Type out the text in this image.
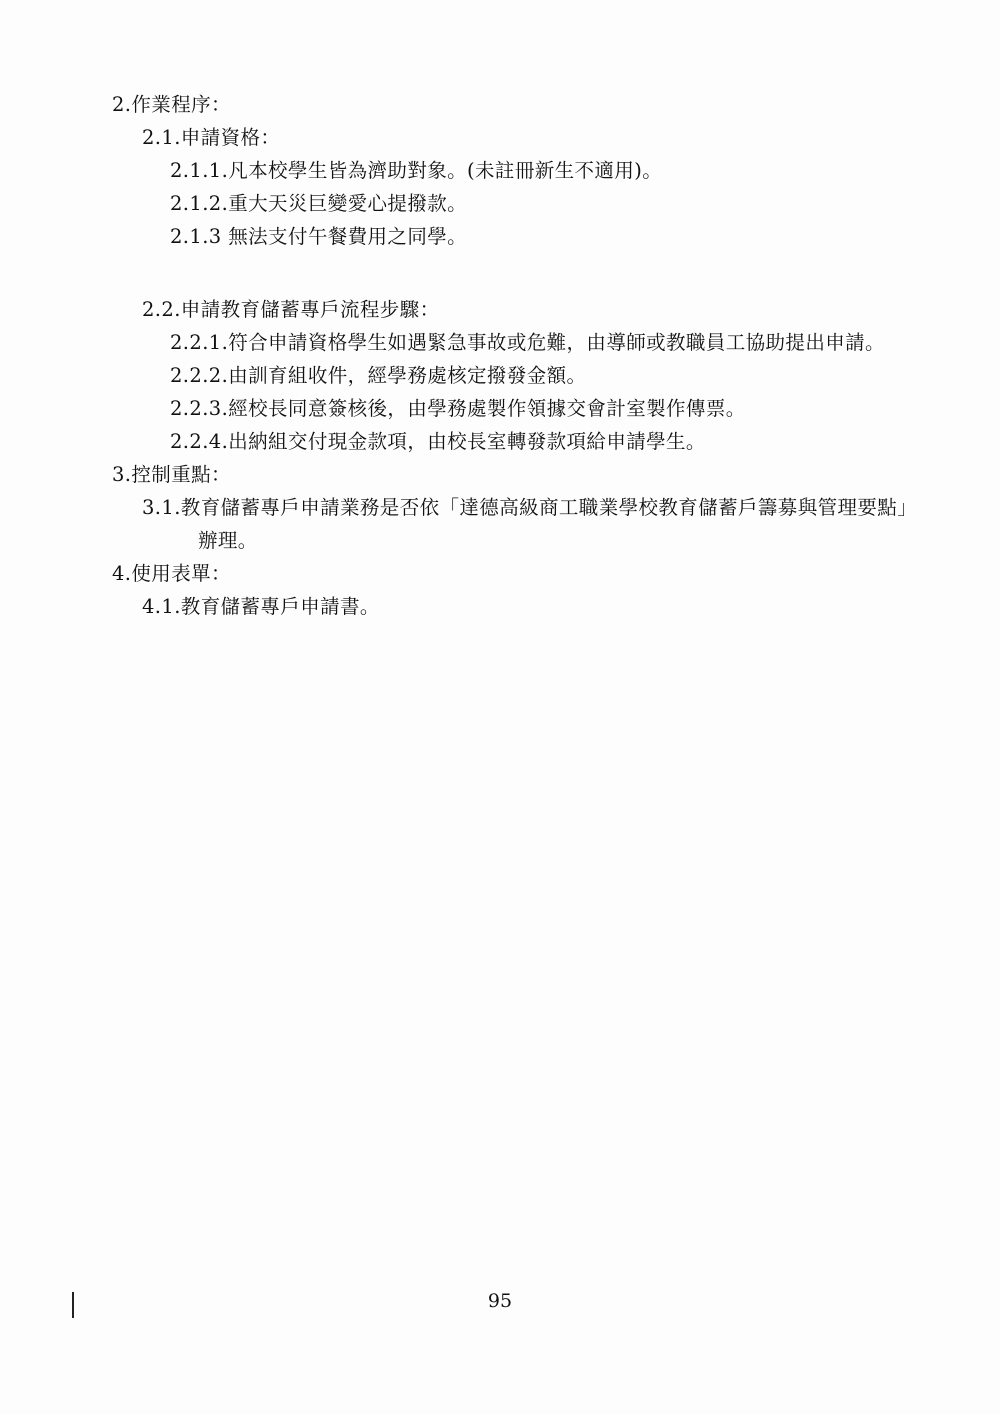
2.作業程序：
2.1.申請資格：
2.1.1.凡本校學生皆為濟助對象。(未註冊新生不適用)。
2.1.2.重大天災巨變愛心提撥款。
2.1.3 無法支付午餐費用之同學。
2.2.申請教育儲蓄專戶流程步驟：
2.2.1.符合申請資格學生如遇緊急事故或危難，由導師或教職員工協助提出申請。
2.2.2.由訓育組收件，經學務處核定撥發金額。
2.2.3.經校長同意簽核後，由學務處製作領據交會計室製作傳票。
2.2.4.出納組交付現金款項，由校長室轉發款項給申請學生。
3.控制重點：
3.1.教育儲蓄專戶申請業務是否依「達德高級商工職業學校教育儲蓄戶籌募與管理要點」
辦理。
4.使用表單：
4.1.教育儲蓄專戶申請書。
95
